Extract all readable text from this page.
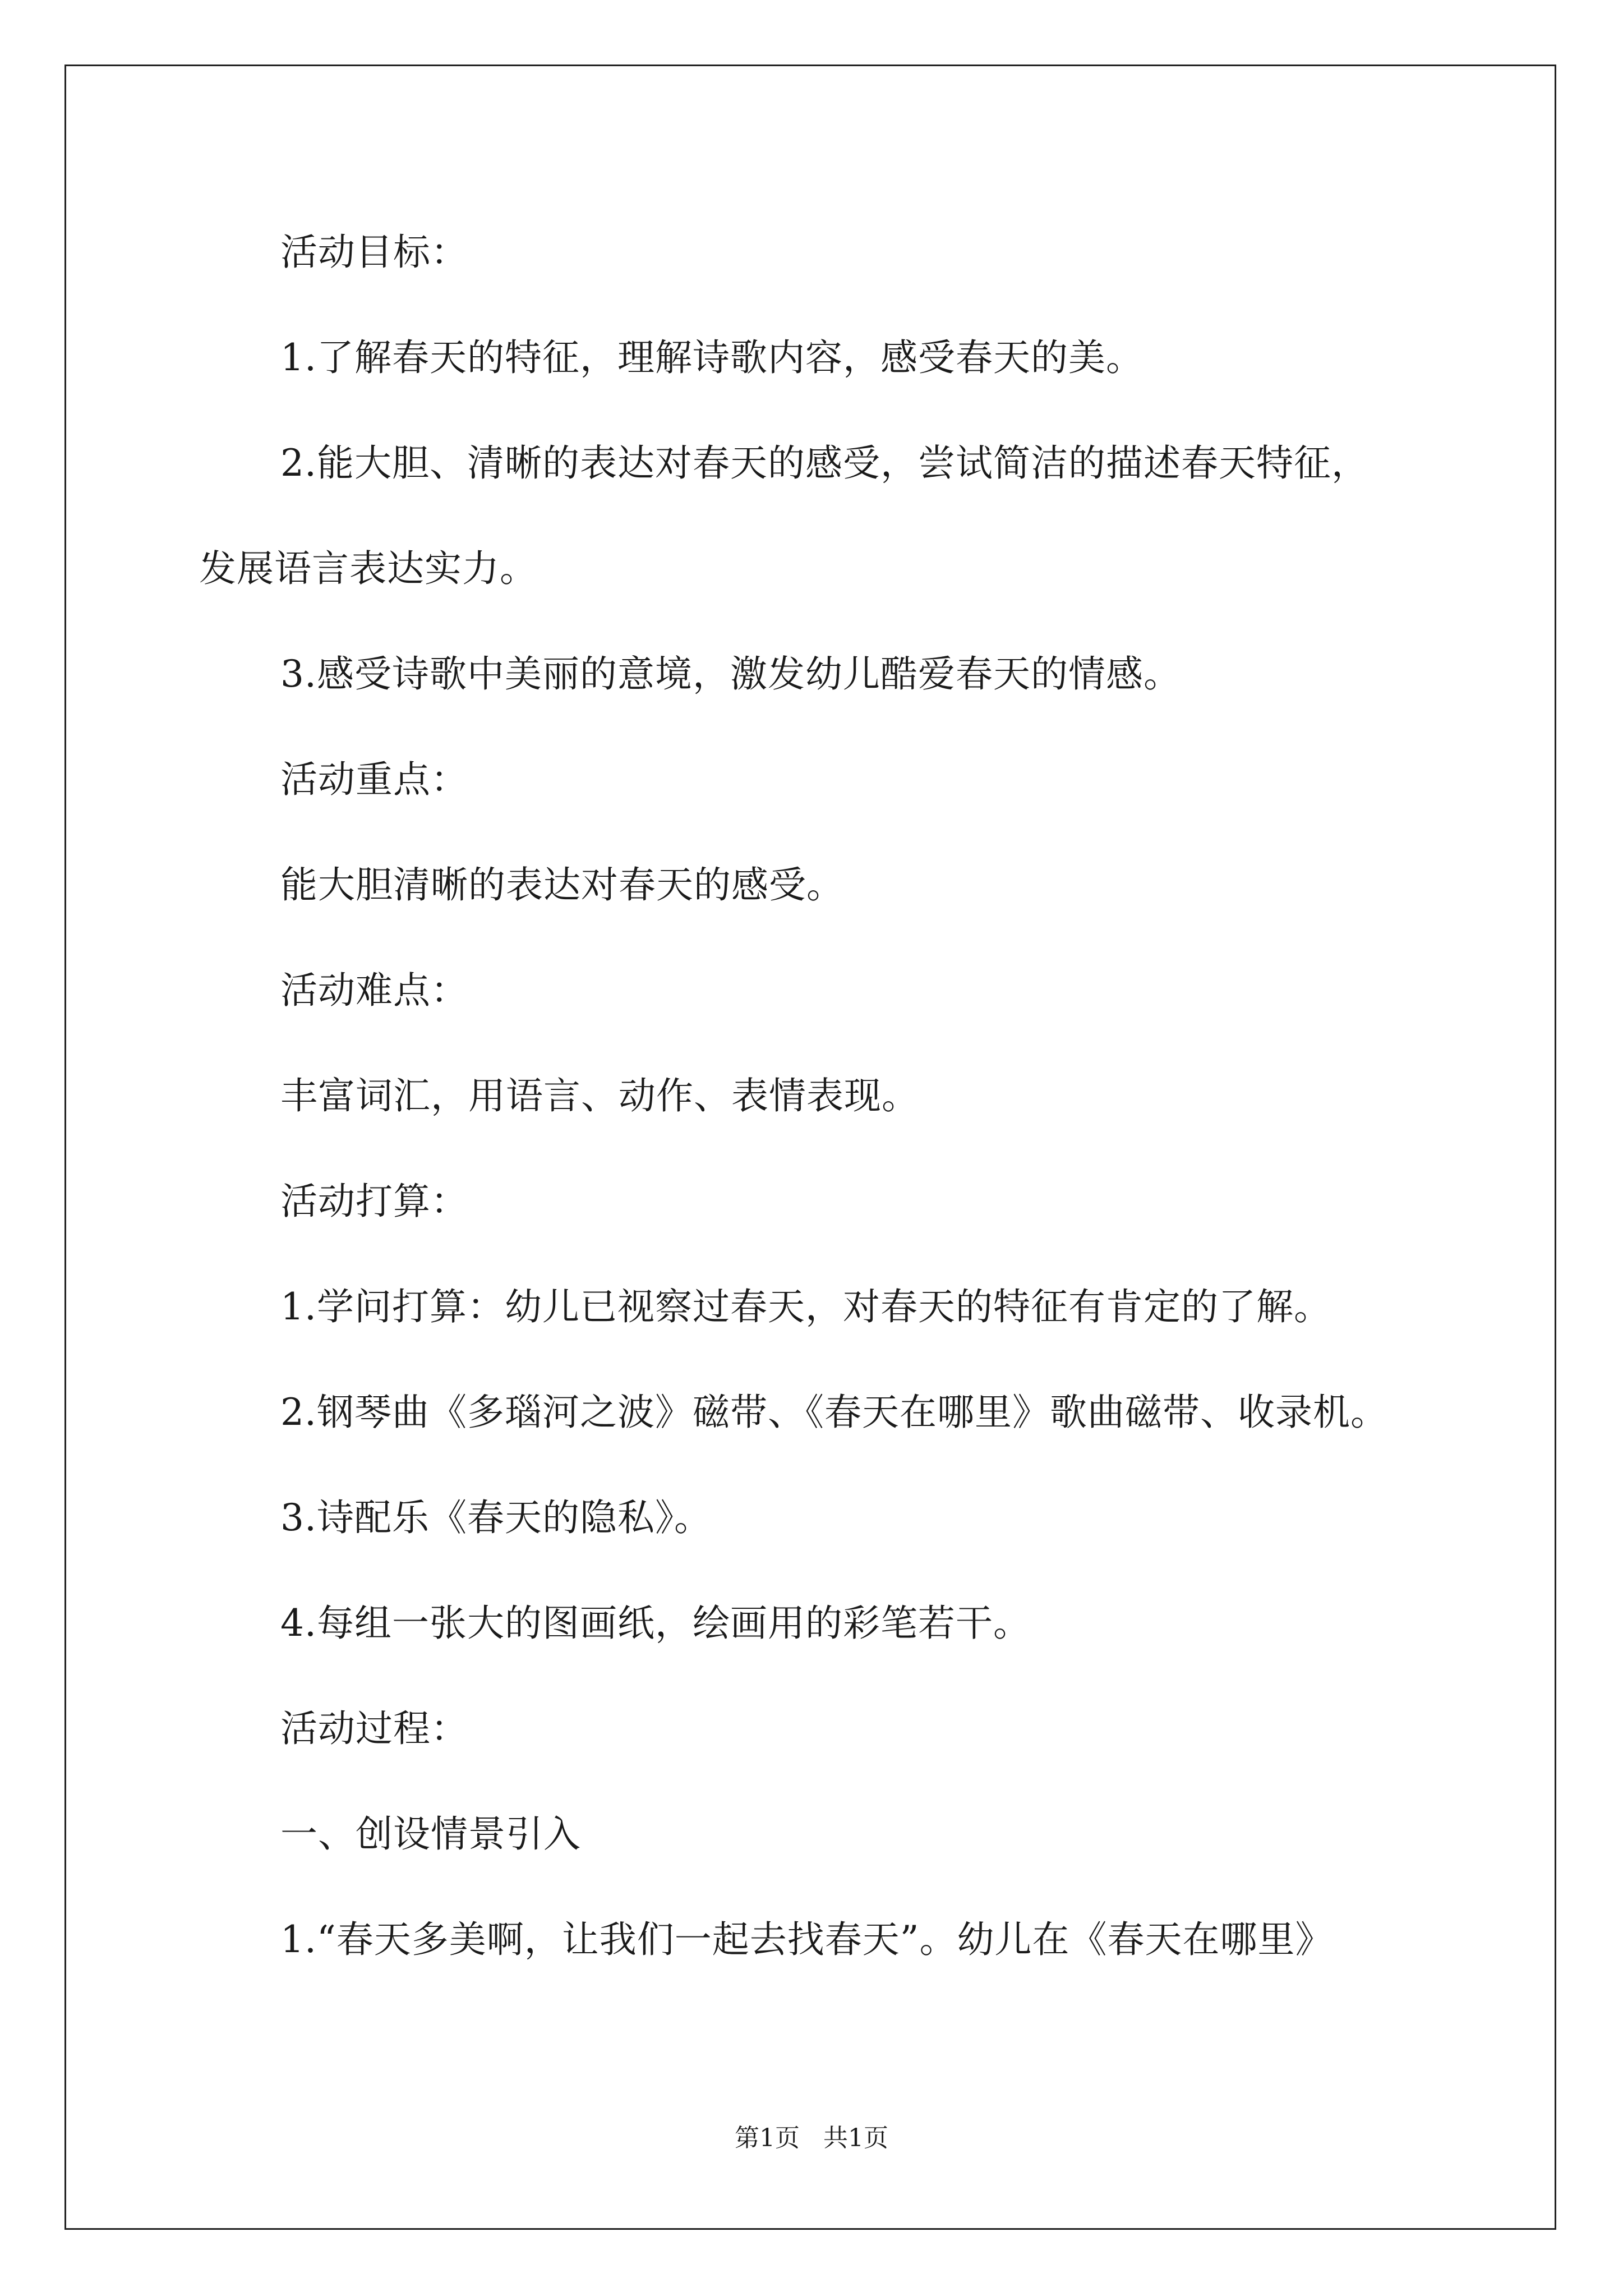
活动目标：
1.了解春天的特征，理解诗歌内容，感受春天的美。
2.能大胆、清晰的表达对春天的感受，尝试简洁的描述春天特征，
发展语言表达实力。
3.感受诗歌中美丽的意境，激发幼儿酷爱春天的情感。
活动重点：
能大胆清晰的表达对春天的感受。
活动难点：
丰富词汇，用语言、动作、表情表现。
活动打算：
1.学问打算：幼儿已视察过春天，对春天的特征有肯定的了解。
2.钢琴曲《多瑙河之波》磁带、《春天在哪里》歌曲磁带、收录机。
3.诗配乐《春天的隐私》。
4.每组一张大的图画纸，绘画用的彩笔若干。
活动过程：
一、创设情景引入
1.“春天多美啊，让我们一起去找春天”。幼儿在《春天在哪里》
第1页   共1页
